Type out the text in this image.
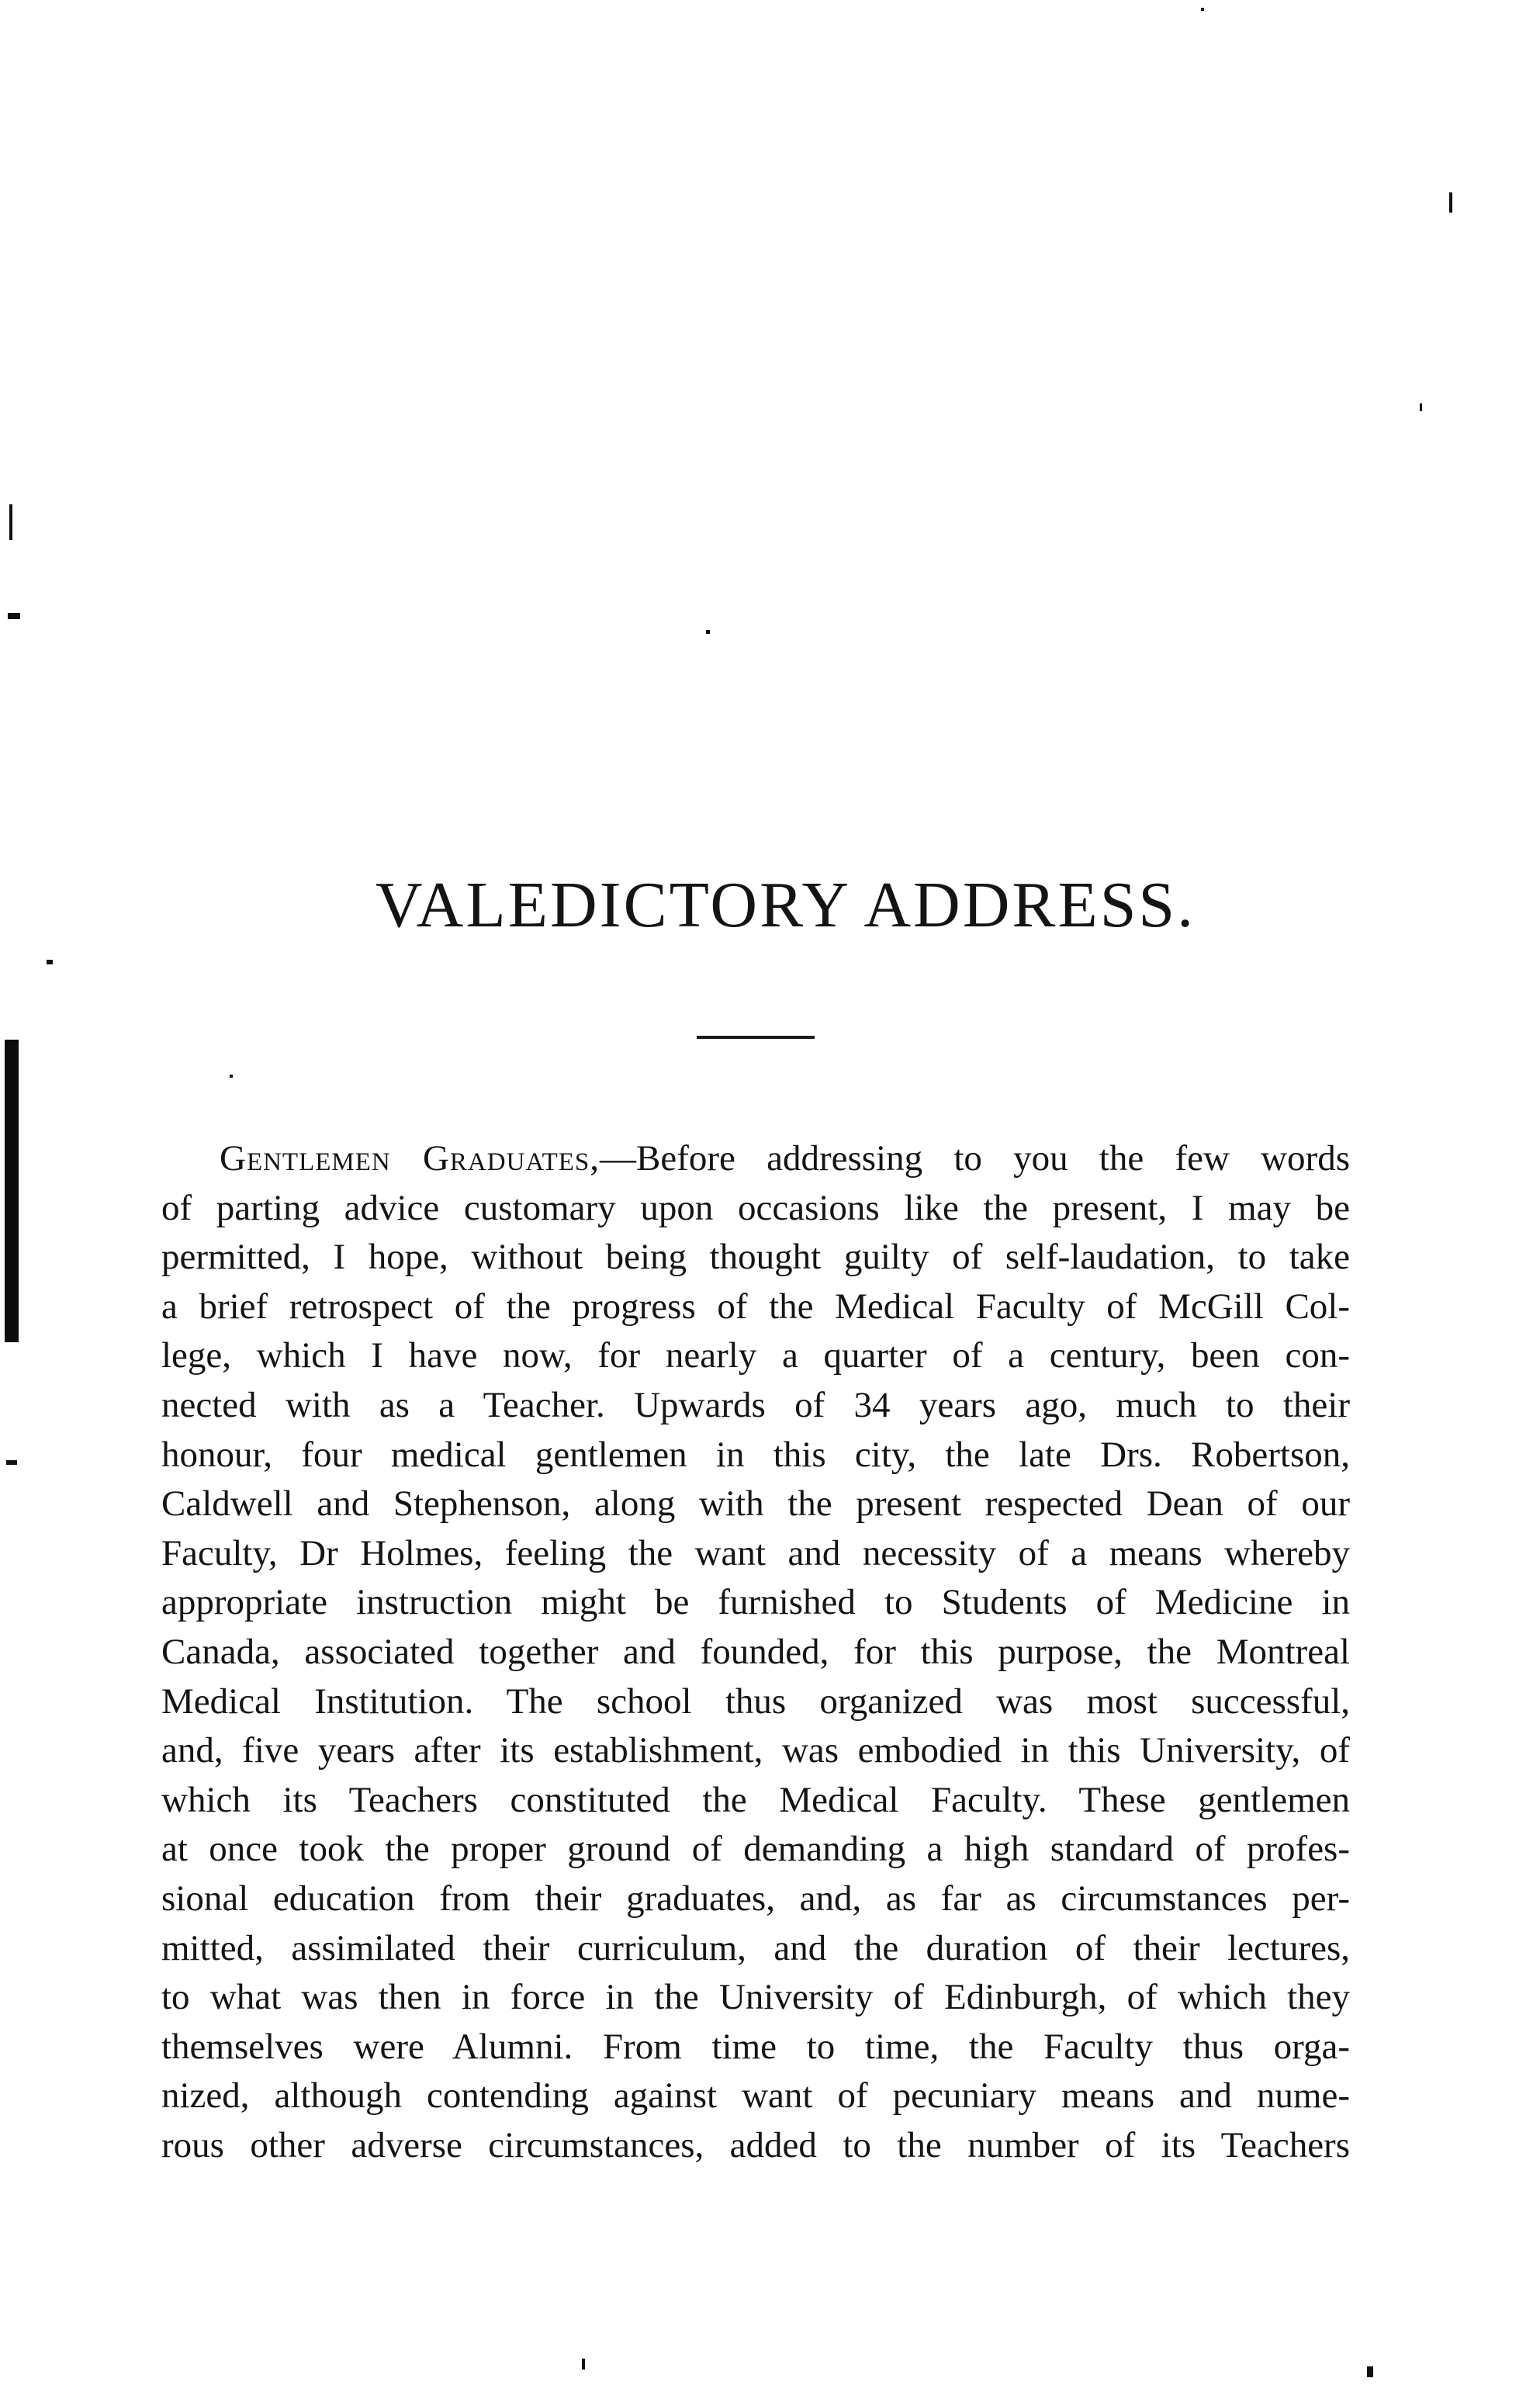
VALEDICTORY ADDRESS.
Gentlemen Graduates,—Before addressing to you the few words
of parting advice customary upon occasions like the present, I may be
permitted, I hope, without being thought guilty of self-laudation, to take
a brief retrospect of the progress of the Medical Faculty of McGill Col-
lege, which I have now, for nearly a quarter of a century, been con-
nected with as a Teacher. Upwards of 34 years ago, much to their
honour, four medical gentlemen in this city, the late Drs. Robertson,
Caldwell and Stephenson, along with the present respected Dean of our
Faculty, Dr Holmes, feeling the want and necessity of a means whereby
appropriate instruction might be furnished to Students of Medicine in
Canada, associated together and founded, for this purpose, the Montreal
Medical Institution. The school thus organized was most successful,
and, five years after its establishment, was embodied in this University, of
which its Teachers constituted the Medical Faculty. These gentlemen
at once took the proper ground of demanding a high standard of profes-
sional education from their graduates, and, as far as circumstances per-
mitted, assimilated their curriculum, and the duration of their lectures,
to what was then in force in the University of Edinburgh, of which they
themselves were Alumni. From time to time, the Faculty thus orga-
nized, although contending against want of pecuniary means and nume-
rous other adverse circumstances, added to the number of its Teachers
